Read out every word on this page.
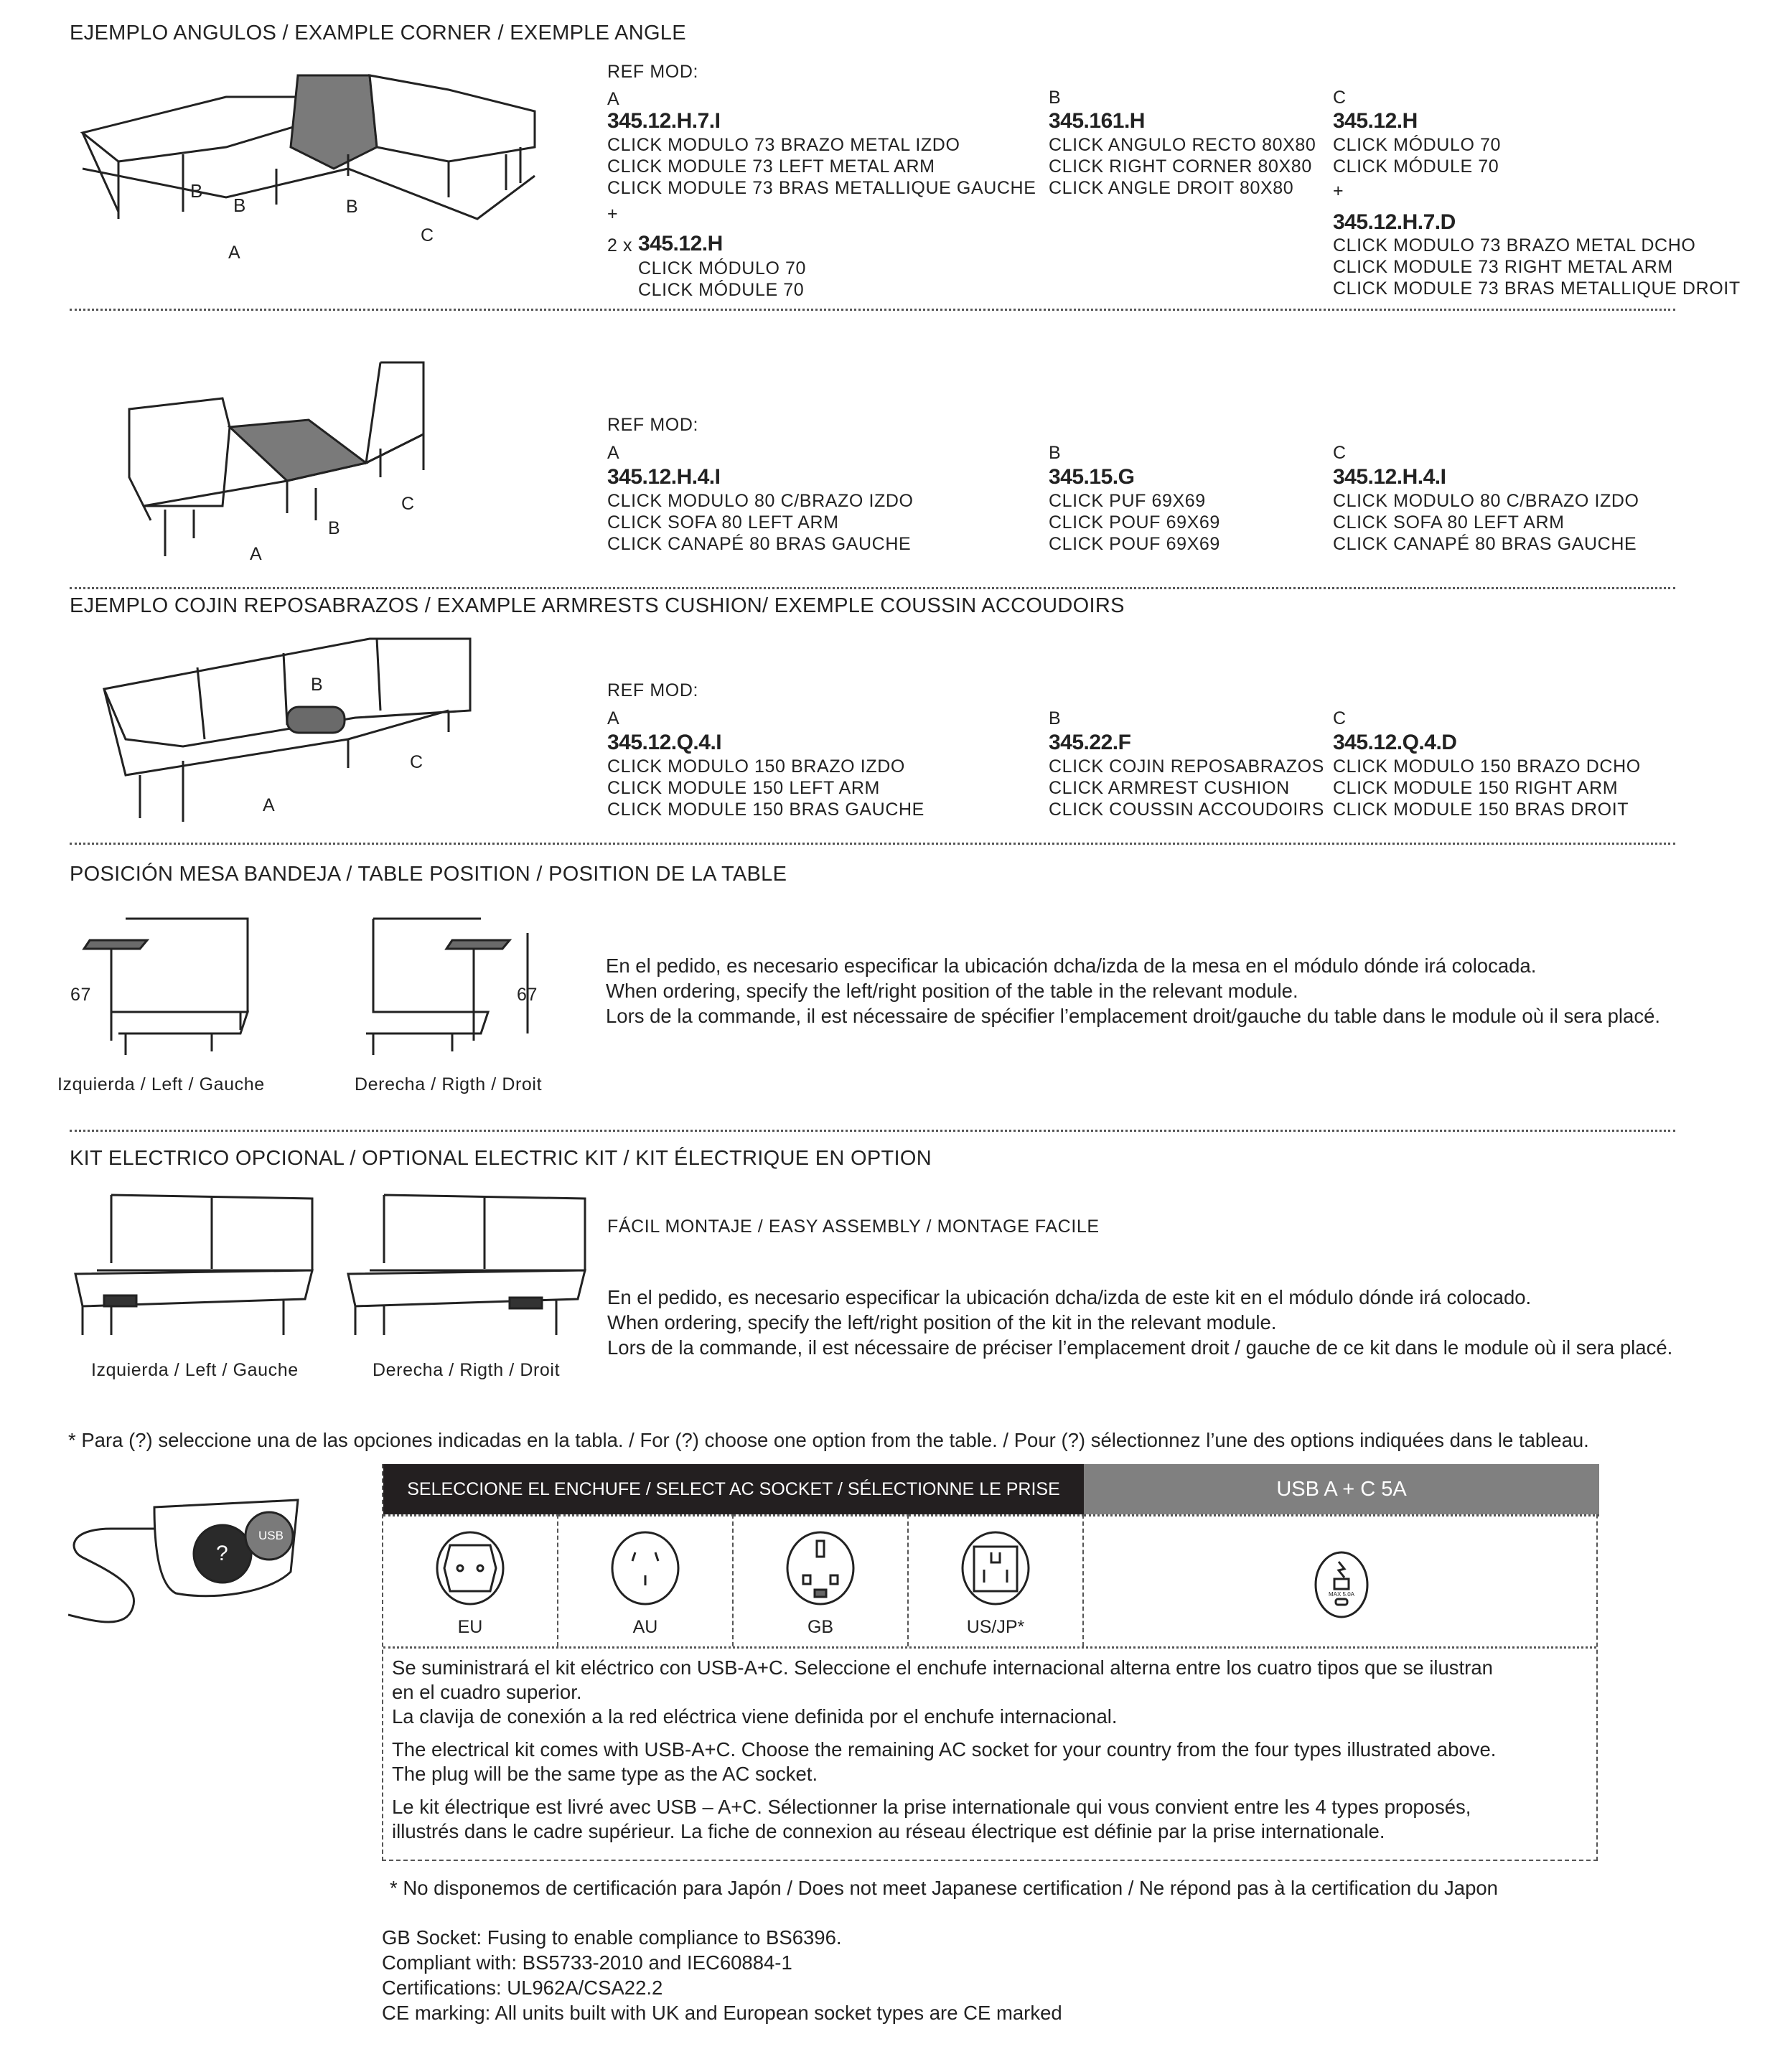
EJEMPLO ANGULOS / EXAMPLE CORNER / EXEMPLE ANGLE
B
B
A
B
C
REF MOD:
A
345.12.H.7.I
CLICK MODULO 73 BRAZO METAL IZDO
CLICK MODULE 73 LEFT METAL ARM
CLICK MODULE 73 BRAS METALLIQUE GAUCHE
+
2 x 345.12.H
CLICK MÓDULO 70
CLICK MÓDULE 70
B
345.161.H
CLICK ANGULO RECTO 80X80
CLICK RIGHT CORNER 80X80
CLICK ANGLE DROIT 80X80
C
345.12.H
CLICK MÓDULO 70
CLICK MÓDULE 70
+
345.12.H.7.D
CLICK MODULO 73 BRAZO METAL DCHO
CLICK MODULE 73 RIGHT METAL ARM
CLICK MODULE 73 BRAS METALLIQUE DROIT
A
B
C
REF MOD:
A
345.12.H.4.I
CLICK MODULO 80 C/BRAZO IZDO
CLICK SOFA 80 LEFT ARM
CLICK CANAPÉ 80 BRAS GAUCHE
B
345.15.G
CLICK PUF 69X69
CLICK POUF 69X69
CLICK POUF 69X69
C
345.12.H.4.I
CLICK MODULO 80 C/BRAZO IZDO
CLICK SOFA 80 LEFT ARM
CLICK CANAPÉ 80 BRAS GAUCHE
EJEMPLO COJIN REPOSABRAZOS / EXAMPLE ARMRESTS CUSHION/ EXEMPLE COUSSIN ACCOUDOIRS
A
B
C
REF MOD:
A
345.12.Q.4.I
CLICK MODULO 150 BRAZO IZDO
CLICK MODULE 150 LEFT ARM
CLICK MODULE 150 BRAS GAUCHE
B
345.22.F
CLICK COJIN REPOSABRAZOS
CLICK ARMREST CUSHION
CLICK COUSSIN ACCOUDOIRS
C
345.12.Q.4.D
CLICK MODULO 150 BRAZO DCHO
CLICK MODULE 150 RIGHT ARM
CLICK MODULE 150 BRAS DROIT
POSICIÓN MESA BANDEJA / TABLE POSITION / POSITION DE LA TABLE
67
Izquierda / Left / Gauche
67
Derecha / Rigth / Droit
En el pedido, es necesario especificar la ubicación dcha/izda de la mesa en el módulo dónde irá colocada.
When ordering, specify the left/right position of the table in the relevant module.
Lors de la commande, il est nécessaire de spécifier l’emplacement droit/gauche du table dans le module où il sera placé.
KIT ELECTRICO OPCIONAL / OPTIONAL ELECTRIC KIT / KIT ÉLECTRIQUE EN OPTION
Izquierda / Left / Gauche	Derecha / Rigth / Droit
FÁCIL MONTAJE / EASY ASSEMBLY / MONTAGE FACILE
En el pedido, es necesario especificar la ubicación dcha/izda de este kit en el módulo dónde irá colocado.
When ordering, specify the left/right position of the kit in the relevant module.
Lors de la commande, il est nécessaire de préciser l’emplacement droit / gauche de ce kit dans le module où il sera placé.
* Para (?) seleccione una de las opciones indicadas en la tabla. / For (?) choose one option from the table. / Pour (?) sélectionnez l’une des options indiquées dans le tableau.
?
USB
SELECCIONE EL ENCHUFE / SELECT AC SOCKET / SÉLECTIONNE LE PRISE	USB A + C 5A
EU	AU	GB	US/JP*
MAX 5.0A
Se suministrará el kit eléctrico con USB-A+C. Seleccione el enchufe internacional alterna entre los cuatro tipos que se ilustran
en el cuadro superior.
La clavija de conexión a la red eléctrica viene definida por el enchufe internacional.
The electrical kit comes with USB-A+C. Choose the remaining AC socket for your country from the four types illustrated above.
The plug will be the same type as the AC socket.
Le kit électrique est livré avec USB – A+C. Sélectionner la prise internationale qui vous convient entre les 4 types proposés,
illustrés dans le cadre supérieur. La fiche de connexion au réseau électrique est définie par la prise internationale.
* No disponemos de certificación para Japón / Does not meet Japanese certification / Ne répond pas à la certification du Japon
GB Socket: Fusing to enable compliance to BS6396.
Compliant with: BS5733-2010 and IEC60884-1
Certifications: UL962A/CSA22.2
CE marking: All units built with UK and European socket types are CE marked
